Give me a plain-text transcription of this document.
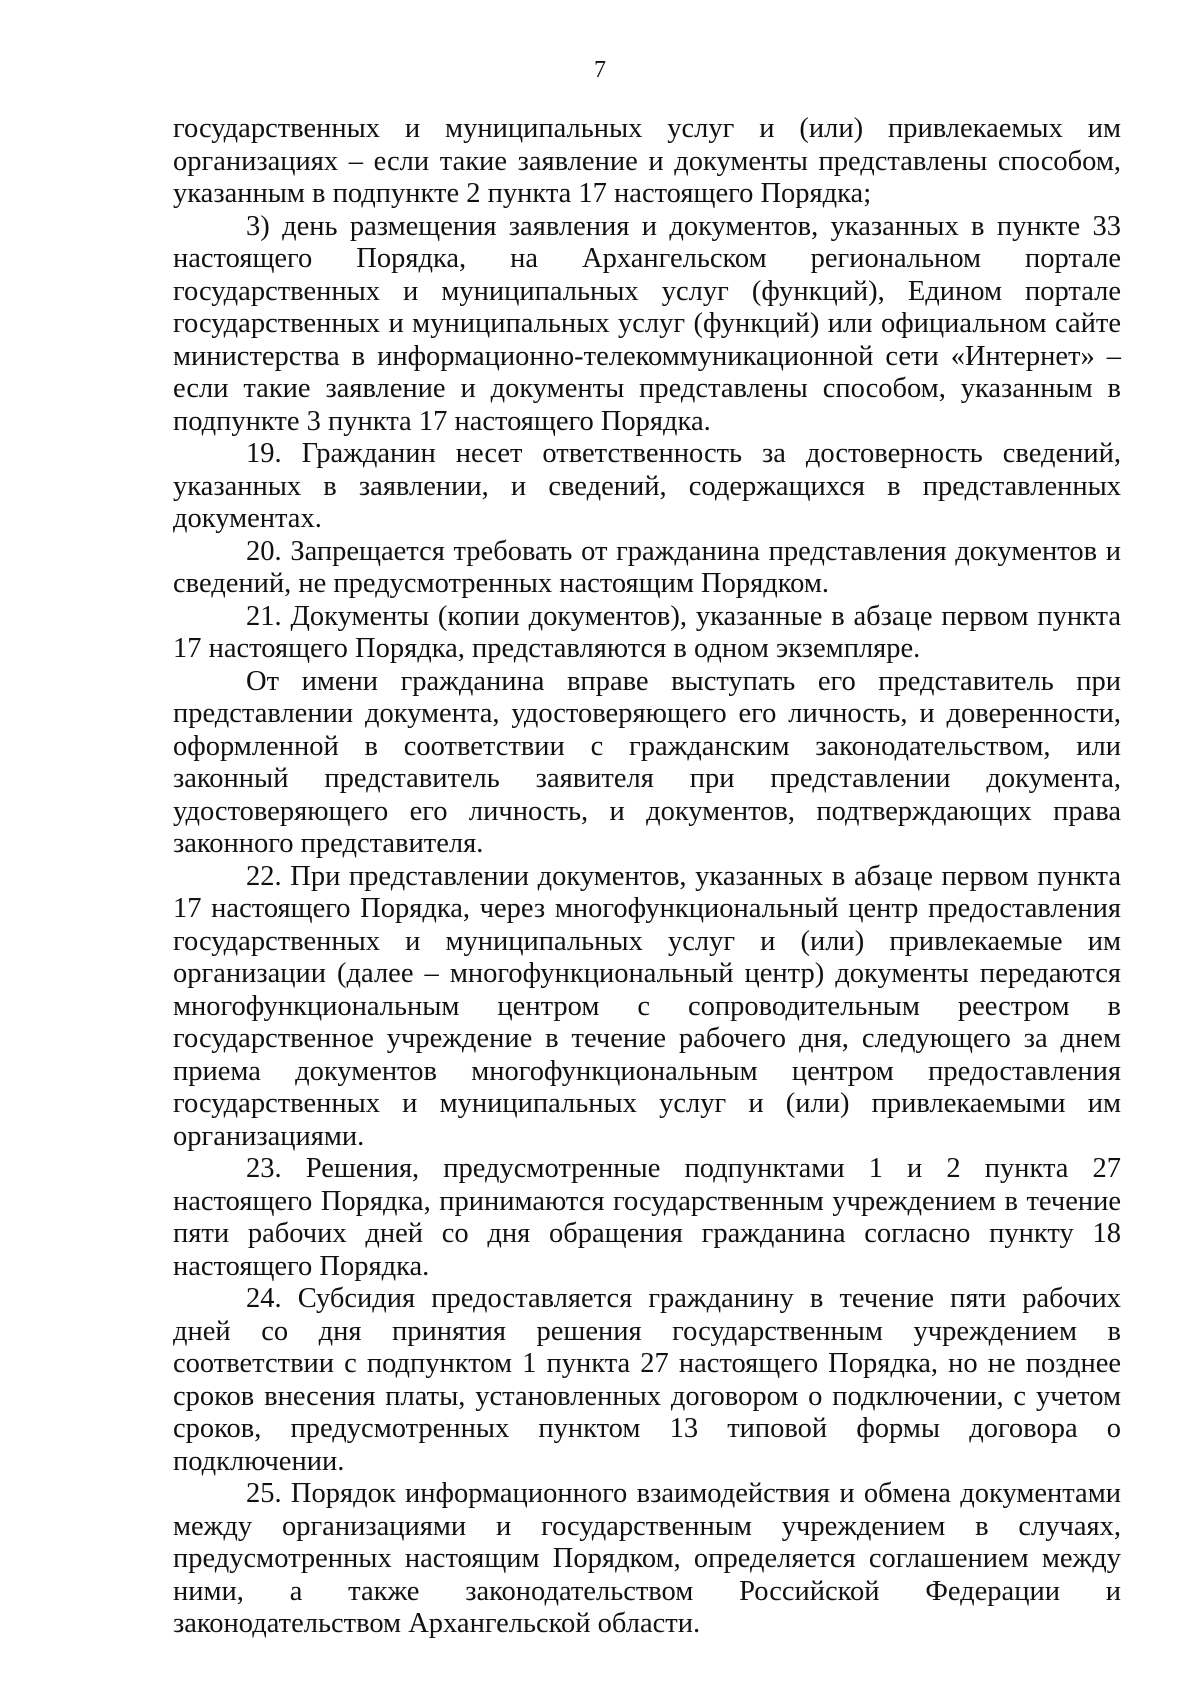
7

государственных и муниципальных услуг и (или) привлекаемых им организациях – если такие заявление и документы представлены способом, указанным в подпункте 2 пункта 17 настоящего Порядка;

3) день размещения заявления и документов, указанных в пункте 33 настоящего Порядка, на Архангельском региональном портале государственных и муниципальных услуг (функций), Едином портале государственных и муниципальных услуг (функций) или официальном сайте министерства в информационно-телекоммуникационной сети «Интернет» – если такие заявление и документы представлены способом, указанным в подпункте 3 пункта 17 настоящего Порядка.

19. Гражданин несет ответственность за достоверность сведений, указанных в заявлении, и сведений, содержащихся в представленных документах.

20. Запрещается требовать от гражданина представления документов и сведений, не предусмотренных настоящим Порядком.

21. Документы (копии документов), указанные в абзаце первом пункта 17 настоящего Порядка, представляются в одном экземпляре.

От имени гражданина вправе выступать его представитель при представлении документа, удостоверяющего его личность, и доверенности, оформленной в соответствии с гражданским законодательством, или законный представитель заявителя при представлении документа, удостоверяющего его личность, и документов, подтверждающих права законного представителя.

22. При представлении документов, указанных в абзаце первом пункта 17 настоящего Порядка, через многофункциональный центр предоставления государственных и муниципальных услуг и (или) привлекаемые им организации (далее – многофункциональный центр) документы передаются многофункциональным центром с сопроводительным реестром в государственное учреждение в течение рабочего дня, следующего за днем приема документов многофункциональным центром предоставления государственных и муниципальных услуг и (или) привлекаемыми им организациями.

23. Решения, предусмотренные подпунктами 1 и 2 пункта 27 настоящего Порядка, принимаются государственным учреждением в течение пяти рабочих дней со дня обращения гражданина согласно пункту 18 настоящего Порядка.

24. Субсидия предоставляется гражданину в течение пяти рабочих дней со дня принятия решения государственным учреждением в соответствии с подпунктом 1 пункта 27 настоящего Порядка, но не позднее сроков внесения платы, установленных договором о подключении, с учетом сроков, предусмотренных пунктом 13 типовой формы договора о подключении.

25. Порядок информационного взаимодействия и обмена документами между организациями и государственным учреждением в случаях, предусмотренных настоящим Порядком, определяется соглашением между ними, а также законодательством Российской Федерации и законодательством Архангельской области.
